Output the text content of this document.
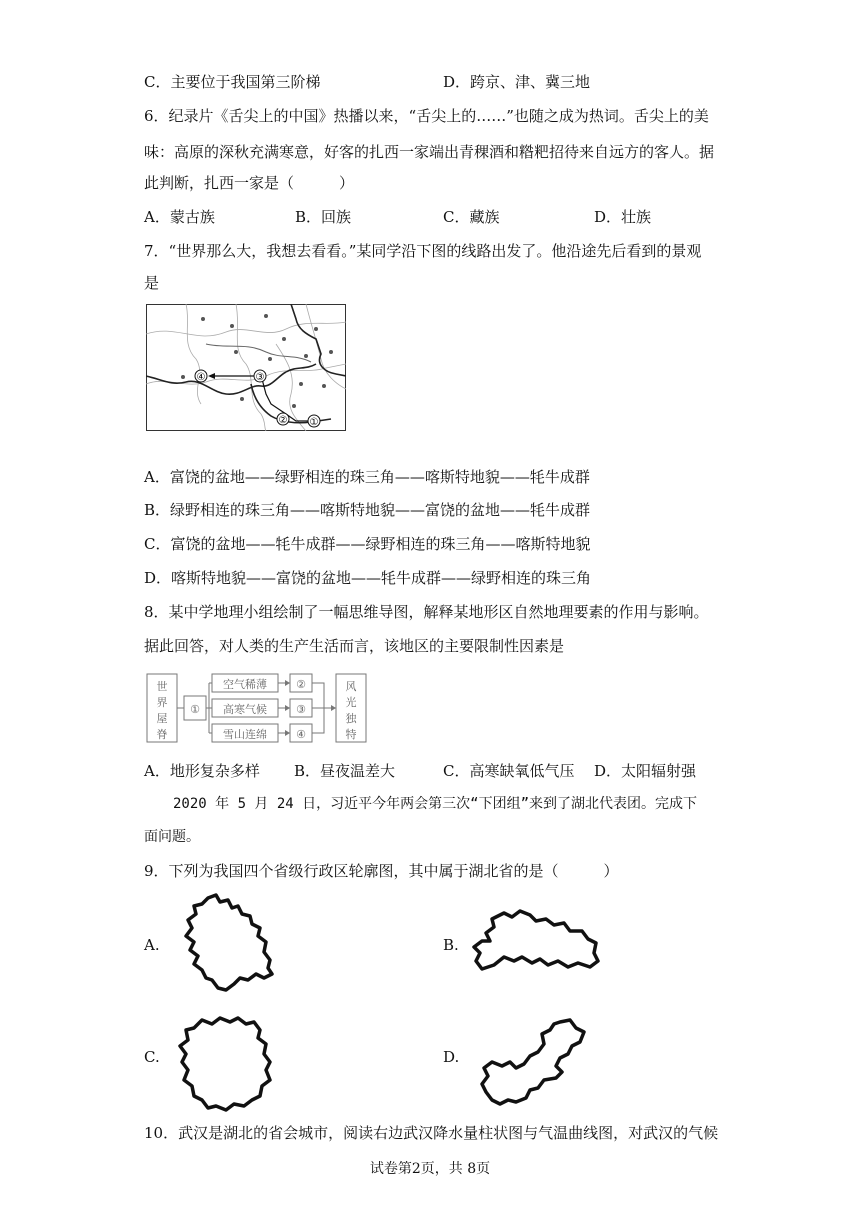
C．主要位于我国第三阶梯	D．跨京、津、冀三地
6．纪录片《舌尖上的中国》热播以来，“舌尖上的……”也随之成为热词。舌尖上的美
味：高原的深秋充满寒意，好客的扎西一家端出青稞酒和糌粑招待来自远方的客人。据
此判断，扎西一家是（　　　）
A．蒙古族	B．回族	C．藏族	D．壮族
7．“世界那么大，我想去看看。”某同学沿下图的线路出发了。他沿途先后看到的景观
是
④	③
② ①
A．富饶的盆地——绿野相连的珠三角——喀斯特地貌——牦牛成群
B．绿野相连的珠三角——喀斯特地貌——富饶的盆地——牦牛成群
C．富饶的盆地——牦牛成群——绿野相连的珠三角——喀斯特地貌
D．喀斯特地貌——富饶的盆地——牦牛成群——绿野相连的珠三角
8．某中学地理小组绘制了一幅思维导图，解释某地形区自然地理要素的作用与影响。
据此回答，对人类的生产生活而言，该地区的主要限制性因素是
世
界
屋
脊
①
空气稀薄
高寒气候
雪山连绵
②
③
④
风
光
独
特
A．地形复杂多样 B．昼夜温差大	C．高寒缺氧低气压 D．太阳辐射强
2020 年 5 月 24 日，习近平今年两会第三次“下团组”来到了湖北代表团。完成下
面问题。
9．下列为我国四个省级行政区轮廓图，其中属于湖北省的是（　　　）
A.	B.
C.	D.
10．武汉是湖北的省会城市，阅读右边武汉降水量柱状图与气温曲线图，对武汉的气候
试卷第2页，共 8页
